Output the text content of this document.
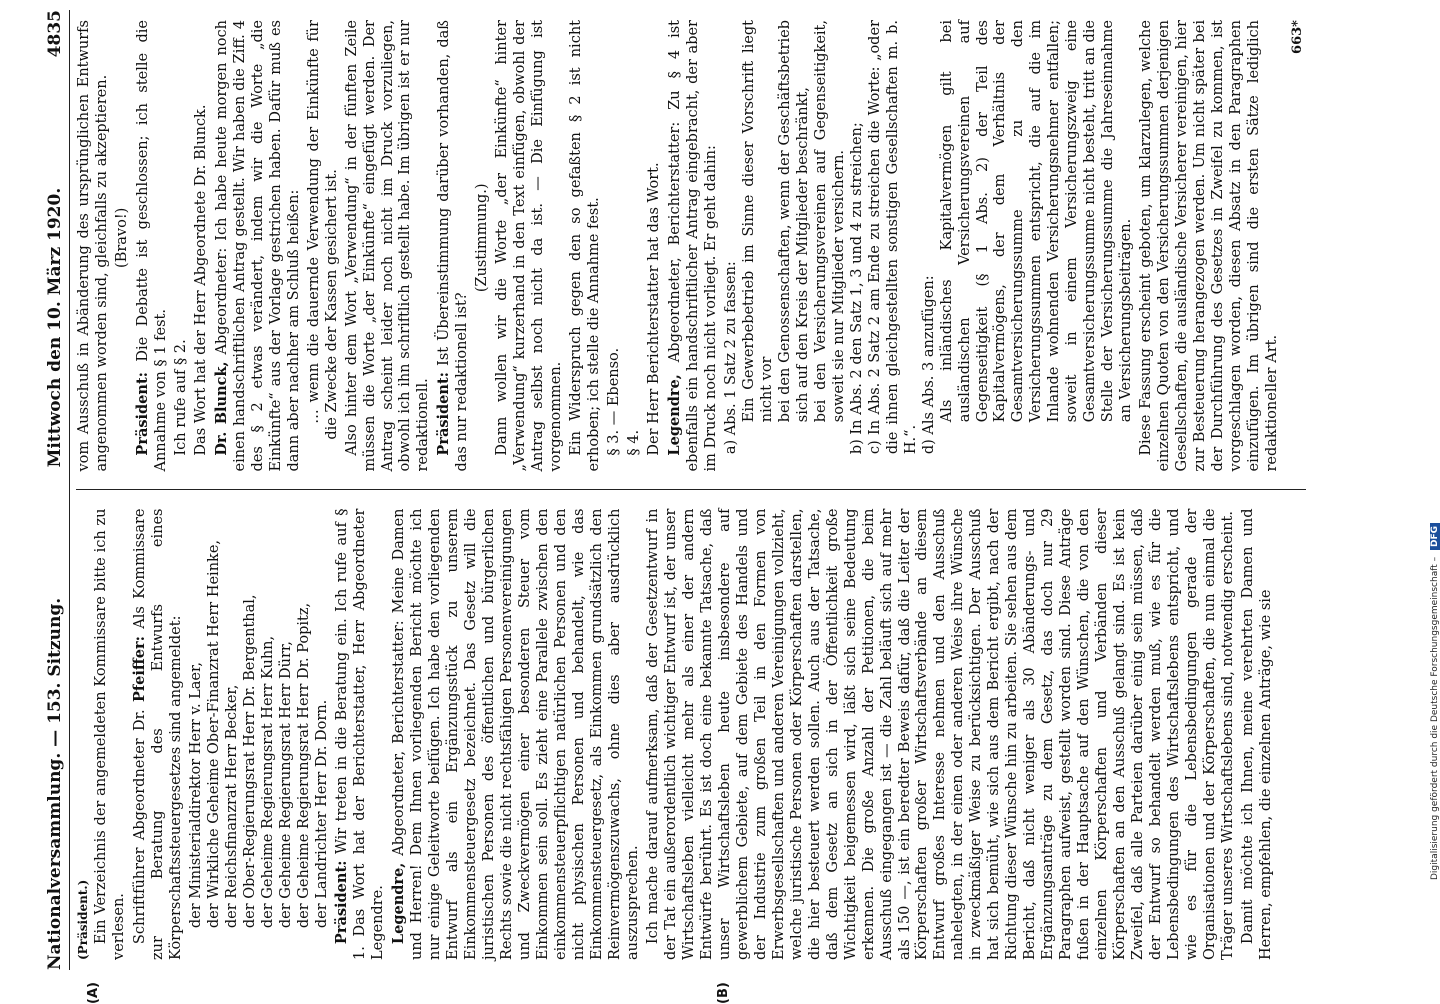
Nationalversammlung. — 153. Sitzung.
Mittwoch den 10. März 1920.
4835
(A)	(B)

(Präsident.) Ein Verzeichnis der angemeldeten Kommissare bitte ich zu verlesen. Schriftführer Abgeordneter Dr. Pfeiffer: Als Kommissare zur Beratung des Entwurfs eines Körperschaftssteuergesetzes sind angemeldet: der Ministerialdirektor Herr v. Laer, der Wirkliche Geheime Ober-Finanzrat Herr Heinke, der Reichsfinanzrat Herr Becker, der Ober-Regierungsrat Herr Dr. Bergenthal, der Geheime Regierungsrat Herr Kuhn, der Geheime Regierungsrat Herr Dürr, der Geheime Regierungsrat Herr Dr. Popitz, der Landrichter Herr Dr. Dorn. Präsident: Wir treten in die Beratung ein. Ich rufe auf § 1. Das Wort hat der Berichterstatter, Herr Abgeordneter Legendre. Legendre, Abgeordneter, Berichterstatter: Meine Damen und Herren! Dem Ihnen vorliegenden Bericht möchte ich nur einige Geleitworte beifügen. Ich habe den vorliegenden Entwurf als ein Ergänzungsstück zu unserem Einkommensteuergesetz bezeichnet. Das Gesetz will die juristischen Personen des öffentlichen und bürgerlichen Rechts sowie die nicht rechtsfähigen Personenvereinigungen und Zweckvermögen einer besonderen Steuer vom Einkommen sein soll. Es zieht eine Parallele zwischen den einkommensteuerpflichtigen natürlichen Personen und den nicht physischen Personen und behandelt, wie das Einkommensteuergesetz, als Einkommen grundsätzlich den Reinvermögenszuwachs, ohne dies aber ausdrücklich auszusprechen. Ich mache darauf aufmerksam, daß der Gesetzentwurf in der Tat ein außerordentlich wichtiger Entwurf ist, der unser Wirtschaftsleben vielleicht mehr als einer der andern Entwürfe berührt. Es ist doch eine bekannte Tatsache, daß unser Wirtschaftsleben heute insbesondere auf gewerblichem Gebiete, auf dem Gebiete des Handels und der Industrie zum großen Teil in den Formen von Erwerbsgesellschaften und anderen Vereinigungen vollzieht, welche juristische Personen oder Körperschaften darstellen, die hier besteuert werden sollen. Auch aus der Tatsache, daß dem Gesetz an sich in der Öffentlichkeit große Wichtigkeit beigemessen wird, läßt sich seine Bedeutung erkennen. Die große Anzahl der Petitionen, die beim Ausschuß eingegangen ist — die Zahl beläuft sich auf mehr als 150 —, ist ein beredter Beweis dafür, daß die Leiter der Körperschaften großer Wirtschaftsverbände an diesem Entwurf großes Interesse nehmen und den Ausschuß nahelegten, in der einen oder anderen Weise ihre Wünsche in zweckmäßiger Weise zu berücksichtigen. Der Ausschuß hat sich bemüht, wie sich aus dem Bericht ergibt, nach der Richtung dieser Wünsche hin zu arbeiten. Sie sehen aus dem Bericht, daß nicht weniger als 30 Abänderungs- und Ergänzungsanträge zu dem Gesetz, das doch nur 29 Paragraphen aufweist, gestellt worden sind. Diese Anträge fußen in der Hauptsache auf den Wünschen, die von den einzelnen Körperschaften und Verbänden dieser Körperschaften an den Ausschuß gelangt sind. Es ist kein Zweifel, daß alle Parteien darüber einig sein müssen, daß der Entwurf so behandelt werden muß, wie es für die Lebensbedingungen des Wirtschaftslebens entspricht, und wie es für die Lebensbedingungen gerade der Organisationen und der Körperschaften, die nun einmal die Träger unseres Wirtschaftslebens sind, notwendig erscheint. Damit möchte ich Ihnen, meine verehrten Damen und Herren, empfehlen, die einzelnen Anträge, wie sie

vom Ausschuß in Abänderung des ursprünglichen Entwurfs angenommen worden sind, gleichfalls zu akzeptieren. (Bravo!)

Präsident: Die Debatte ist geschlossen; ich stelle die Annahme von § 1 fest. Ich rufe auf § 2. Das Wort hat der Herr Abgeordnete Dr. Blunck. Dr. Blunck, Abgeordneter: Ich habe heute morgen noch einen handschriftlichen Antrag gestellt. Wir haben die Ziff. 4 des § 2 etwas verändert, indem wir die Worte „die Einkünfte“ aus der Vorlage gestrichen haben. Dafür muß es dann aber nachher am Schluß heißen: … wenn die dauernde Verwendung der Einkünfte für die Zwecke der Kassen gesichert ist. Also hinter dem Wort „Verwendung“ in der fünften Zeile müssen die Worte „der Einkünfte“ eingefügt werden. Der Antrag scheint leider noch nicht im Druck vorzuliegen, obwohl ich ihn schriftlich gestellt habe. Im übrigen ist er nur redaktionell. Präsident: Ist Übereinstimmung darüber vorhanden, daß das nur redaktionell ist?

(Zustimmung.) Dann wollen wir die Worte „der Einkünfte“ hinter „Verwendung“ kurzerhand in den Text einfügen, obwohl der Antrag selbst noch nicht da ist. — Die Einfügung ist vorgenommen. Ein Widerspruch gegen den so gefaßten § 2 ist nicht erhoben; ich stelle die Annahme fest. § 3. — Ebenso. § 4. Der Herr Berichterstatter hat das Wort. Legendre, Abgeordneter, Berichterstatter: Zu § 4 ist ebenfalls ein handschriftlicher Antrag eingebracht, der aber im Druck noch nicht vorliegt. Er geht dahin: a) Abs. 1 Satz 2 zu fassen: Ein Gewerbebetrieb im Sinne dieser Vorschrift liegt nicht vor bei den Genossenschaften, wenn der Geschäftsbetrieb sich auf den Kreis der Mitglieder beschränkt, bei den Versicherungsvereinen auf Gegenseitigkeit, soweit sie nur Mitglieder versichern. b) In Abs. 2 den Satz 1, 3 und 4 zu streichen; c) In Abs. 2 Satz 2 am Ende zu streichen die Worte: „oder die ihnen gleichgestellten sonstigen Gesellschaften m. b. H.“. d) Als Abs. 3 anzufügen: Als inländisches Kapitalvermögen gilt bei ausländischen Versicherungsvereinen auf Gegenseitigkeit (§ 1 Abs. 2) der Teil des Kapitalvermögens, der dem Verhältnis der Gesamtversicherungssumme zu den Versicherungssummen entspricht, die auf die im Inlande wohnenden Versicherungsnehmer entfallen; soweit in einem Versicherungszweig eine Gesamtversicherungssumme nicht besteht, tritt an die Stelle der Versicherungssumme die Jahreseinnahme an Versicherungsbeiträgen. Diese Fassung erscheint geboten, um klarzulegen, welche einzelnen Quoten von den Versicherungssummen derjenigen Gesellschaften, die ausländische Versicherer vereinigen, hier zur Besteuerung herangezogen werden. Um nicht später bei der Durchführung des Gesetzes in Zweifel zu kommen, ist vorgeschlagen worden, diesen Absatz in den Paragraphen einzufügen. Im übrigen sind die ersten Sätze lediglich redaktioneller Art.

663*
Digitalisierung gefördert durch die Deutsche Forschungsgemeinschaft – DFG
